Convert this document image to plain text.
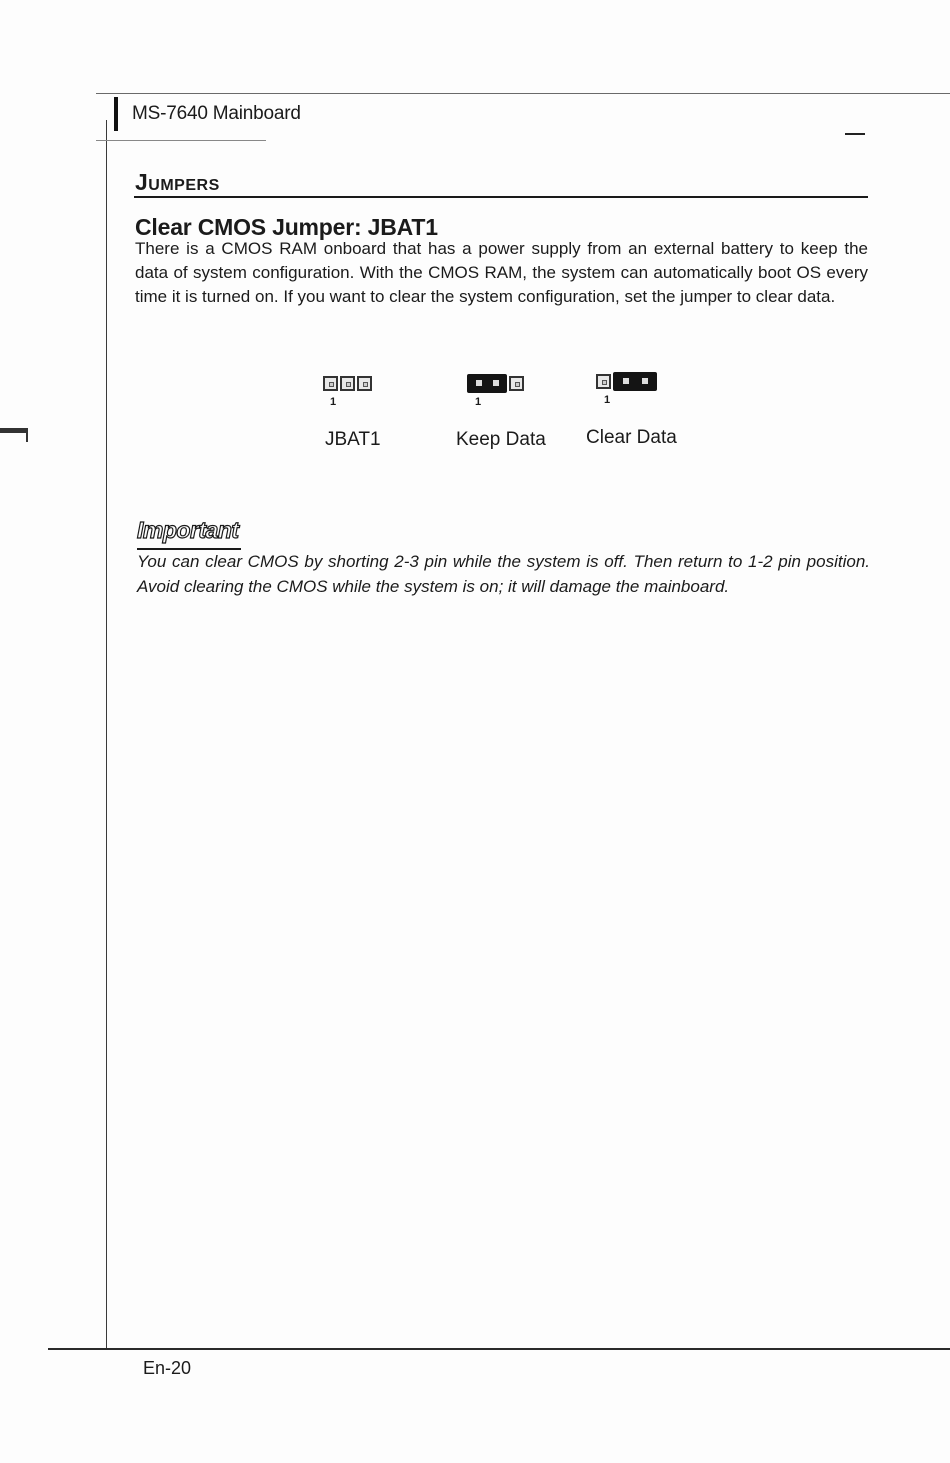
MS-7640 Mainboard
Jumpers
Clear CMOS Jumper: JBAT1
There is a CMOS RAM onboard that has a power supply from an external battery to keep the data of system configuration. With the CMOS RAM, the system can automatically boot OS every time it is turned on. If you want to clear the system configuration, set the jumper to clear data.
1
JBAT1
1
Keep Data
1
Clear Data
Important
You can clear CMOS by shorting 2-3 pin while the system is off. Then return to 1-2 pin position. Avoid clearing the CMOS while the system is on; it will damage the mainboard.
En-20
